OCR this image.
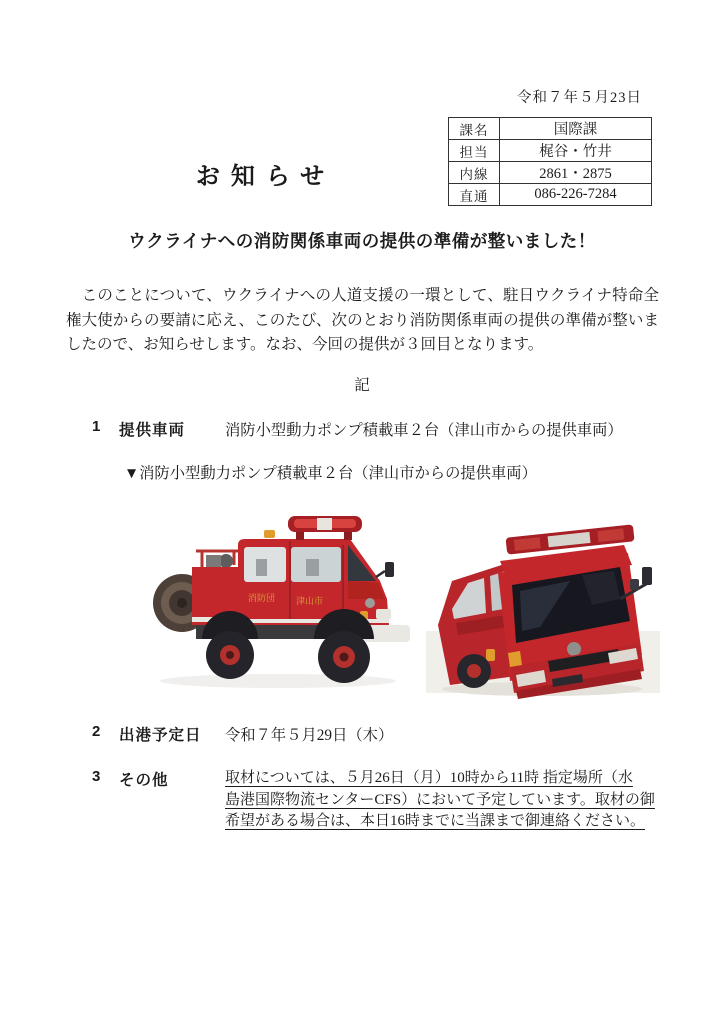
令和７年５月23日
課名	国際課
担当	梶谷・竹井
内線	2861・2875
直通	086-226-7284
お知らせ
ウクライナへの消防関係車両の提供の準備が整いました！
　このことについて、ウクライナへの人道支援の一環として、駐日ウクライナ特命全権大使からの要請に応え、このたび、次のとおり消防関係車両の提供の準備が整いましたので、お知らせします。なお、今回の提供が３回目となります。
記
1 提供車両	消防小型動力ポンプ積載車２台（津山市からの提供車両）
▼消防小型動力ポンプ積載車２台（津山市からの提供車両）
消防団 津山市
2 出港予定日 令和７年５月29日（木）
3 その他	取材については、５月26日（月）10時から11時 指定場所（水
島港国際物流センターCFS）において予定しています。取材の御
希望がある場合は、本日16時までに当課まで御連絡ください。
